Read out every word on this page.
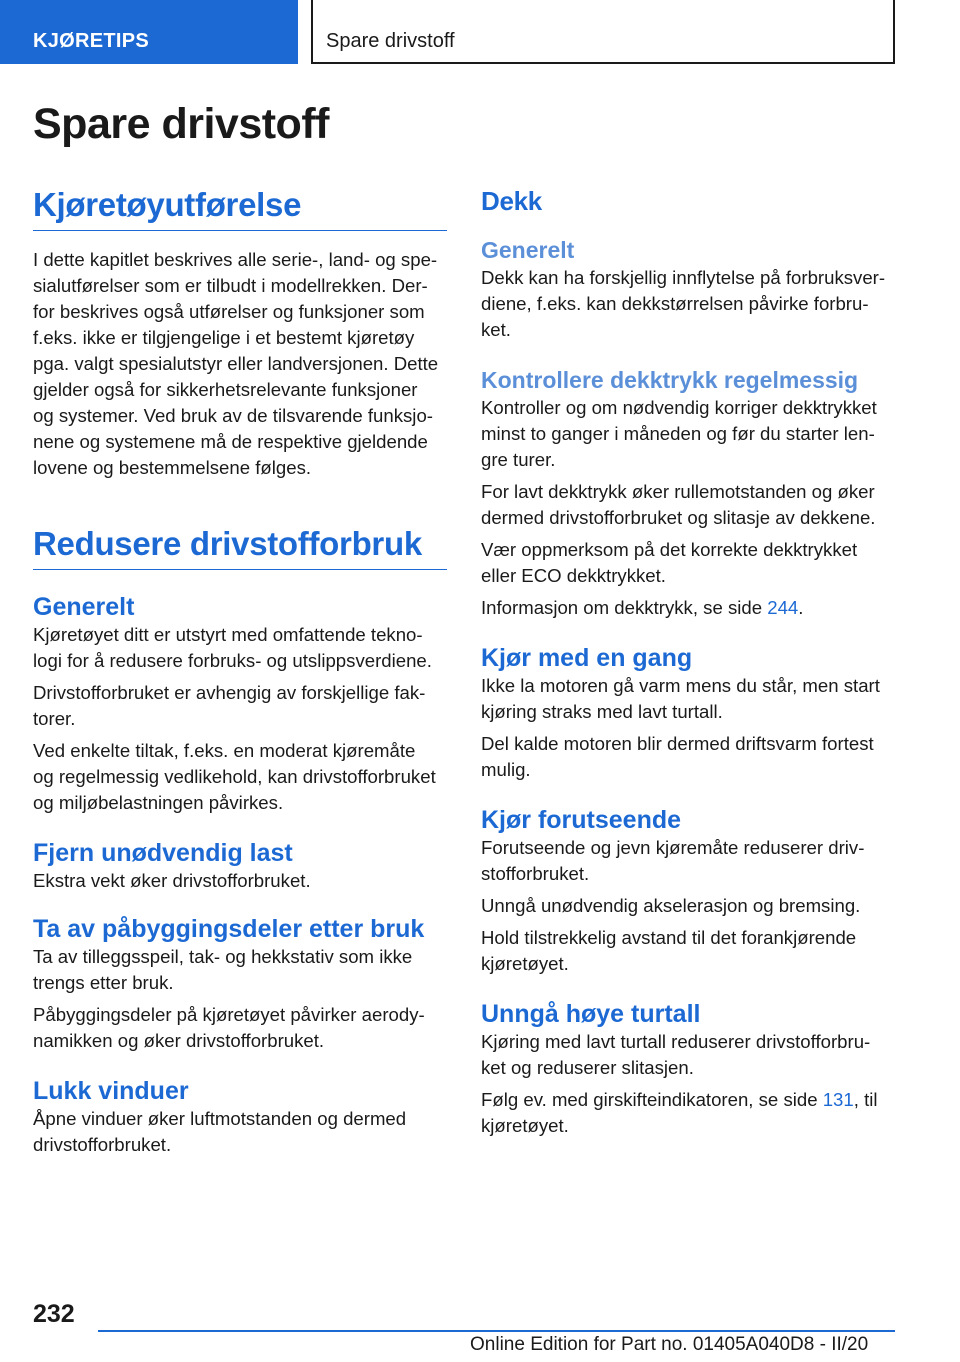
KJØRETIPS	Spare drivstoff
Spare drivstoff
Kjøretøyutførelse

I dette kapitlet beskrives alle serie-, land- og spe-
sialutførelser som er tilbudt i modellrekken. Der-
for beskrives også utførelser og funksjoner som
f.eks. ikke er tilgjengelige i et bestemt kjøretøy
pga. valgt spesialutstyr eller landversjonen. Dette
gjelder også for sikkerhetsrelevante funksjoner
og systemer. Ved bruk av de tilsvarende funksjo-
nene og systemene må de respektive gjeldende
lovene og bestemmelsene følges.

Redusere drivstofforbruk
Generelt

Kjøretøyet ditt er utstyrt med omfattende tekno-
logi for å redusere forbruks- og utslippsverdiene.

Drivstofforbruket er avhengig av forskjellige fak-
torer.

Ved enkelte tiltak, f.eks. en moderat kjøremåte
og regelmessig vedlikehold, kan drivstofforbruket
og miljøbelastningen påvirkes.

Fjern unødvendig last

Ekstra vekt øker drivstofforbruket.

Ta av påbyggingsdeler etter bruk

Ta av tilleggsspeil, tak- og hekkstativ som ikke
trengs etter bruk.

Påbyggingsdeler på kjøretøyet påvirker aerody-
namikken og øker drivstofforbruket.

Lukk vinduer

Åpne vinduer øker luftmotstanden og dermed
drivstofforbruket.

Dekk
Generelt

Dekk kan ha forskjellig innflytelse på forbruksver-
diene, f.eks. kan dekkstørrelsen påvirke forbru-
ket.

Kontrollere dekktrykk regelmessig

Kontroller og om nødvendig korriger dekktrykket
minst to ganger i måneden og før du starter len-
gre turer.

For lavt dekktrykk øker rullemotstanden og øker
dermed drivstofforbruket og slitasje av dekkene.

Vær oppmerksom på det korrekte dekktrykket
eller ECO dekktrykket.

Informasjon om dekktrykk, se side 244.

Kjør med en gang

Ikke la motoren gå varm mens du står, men start
kjøring straks med lavt turtall.

Del kalde motoren blir dermed driftsvarm fortest
mulig.

Kjør forutseende

Forutseende og jevn kjøremåte reduserer driv-
stofforbruket.

Unngå unødvendig akselerasjon og bremsing.

Hold tilstrekkelig avstand til det forankjørende
kjøretøyet.

Unngå høye turtall

Kjøring med lavt turtall reduserer drivstofforbru-
ket og reduserer slitasjen.

Følg ev. med girskifteindikatoren, se side 131, til
kjøretøyet.

232
Online Edition for Part no. 01405A040D8 - II/20
